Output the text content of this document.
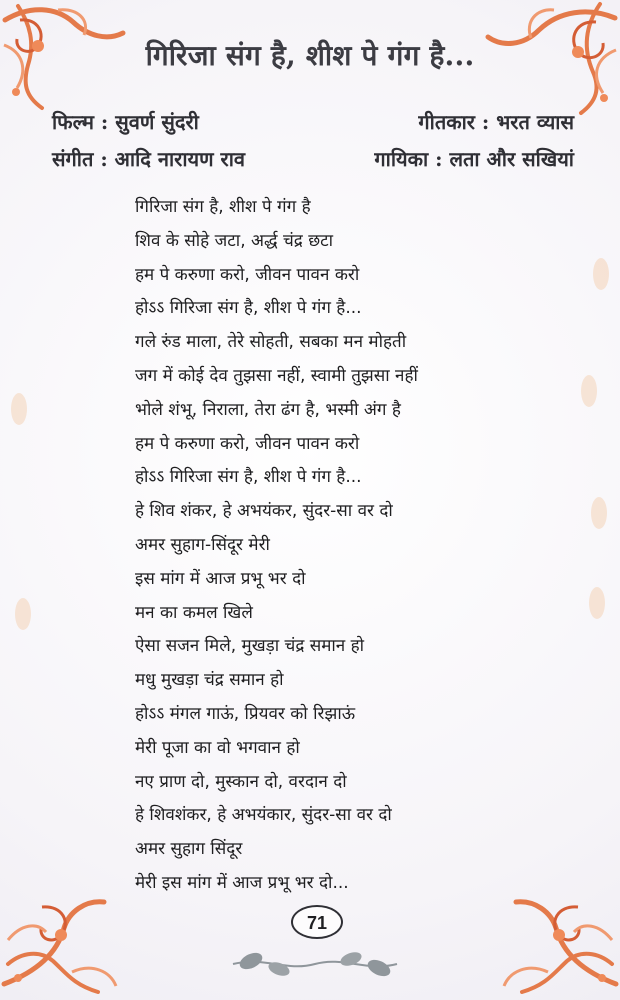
गिरिजा संग है, शीश पे गंग है...
फिल्म : सुवर्ण सुंदरी	गीतकार : भरत व्यास
संगीत : आदि नारायण राव	गायिका : लता और सखियां
गिरिजा संग है, शीश पे गंग है
शिव के सोहे जटा, अर्द्ध चंद्र छटा
हम पे करुणा करो, जीवन पावन करो
होऽऽ गिरिजा संग है, शीश पे गंग है...
गले रुंड माला, तेरे सोहती, सबका मन मोहती
जग में कोई देव तुझसा नहीं, स्वामी तुझसा नहीं
भोले शंभू, निराला, तेरा ढंग है, भस्मी अंग है
हम पे करुणा करो, जीवन पावन करो
होऽऽ गिरिजा संग है, शीश पे गंग है...
हे शिव शंकर, हे अभयंकर, सुंदर-सा वर दो
अमर सुहाग-सिंदूर मेरी
इस मांग में आज प्रभू भर दो
मन का कमल खिले
ऐसा सजन मिले, मुखड़ा चंद्र समान हो
मधु मुखड़ा चंद्र समान हो
होऽऽ मंगल गाऊं, प्रियवर को रिझाऊं
मेरी पूजा का वो भगवान हो
नए प्राण दो, मुस्कान दो, वरदान दो
हे शिवशंकर, हे अभयंकार, सुंदर-सा वर दो
अमर सुहाग सिंदूर
मेरी इस मांग में आज प्रभू भर दो...
71
